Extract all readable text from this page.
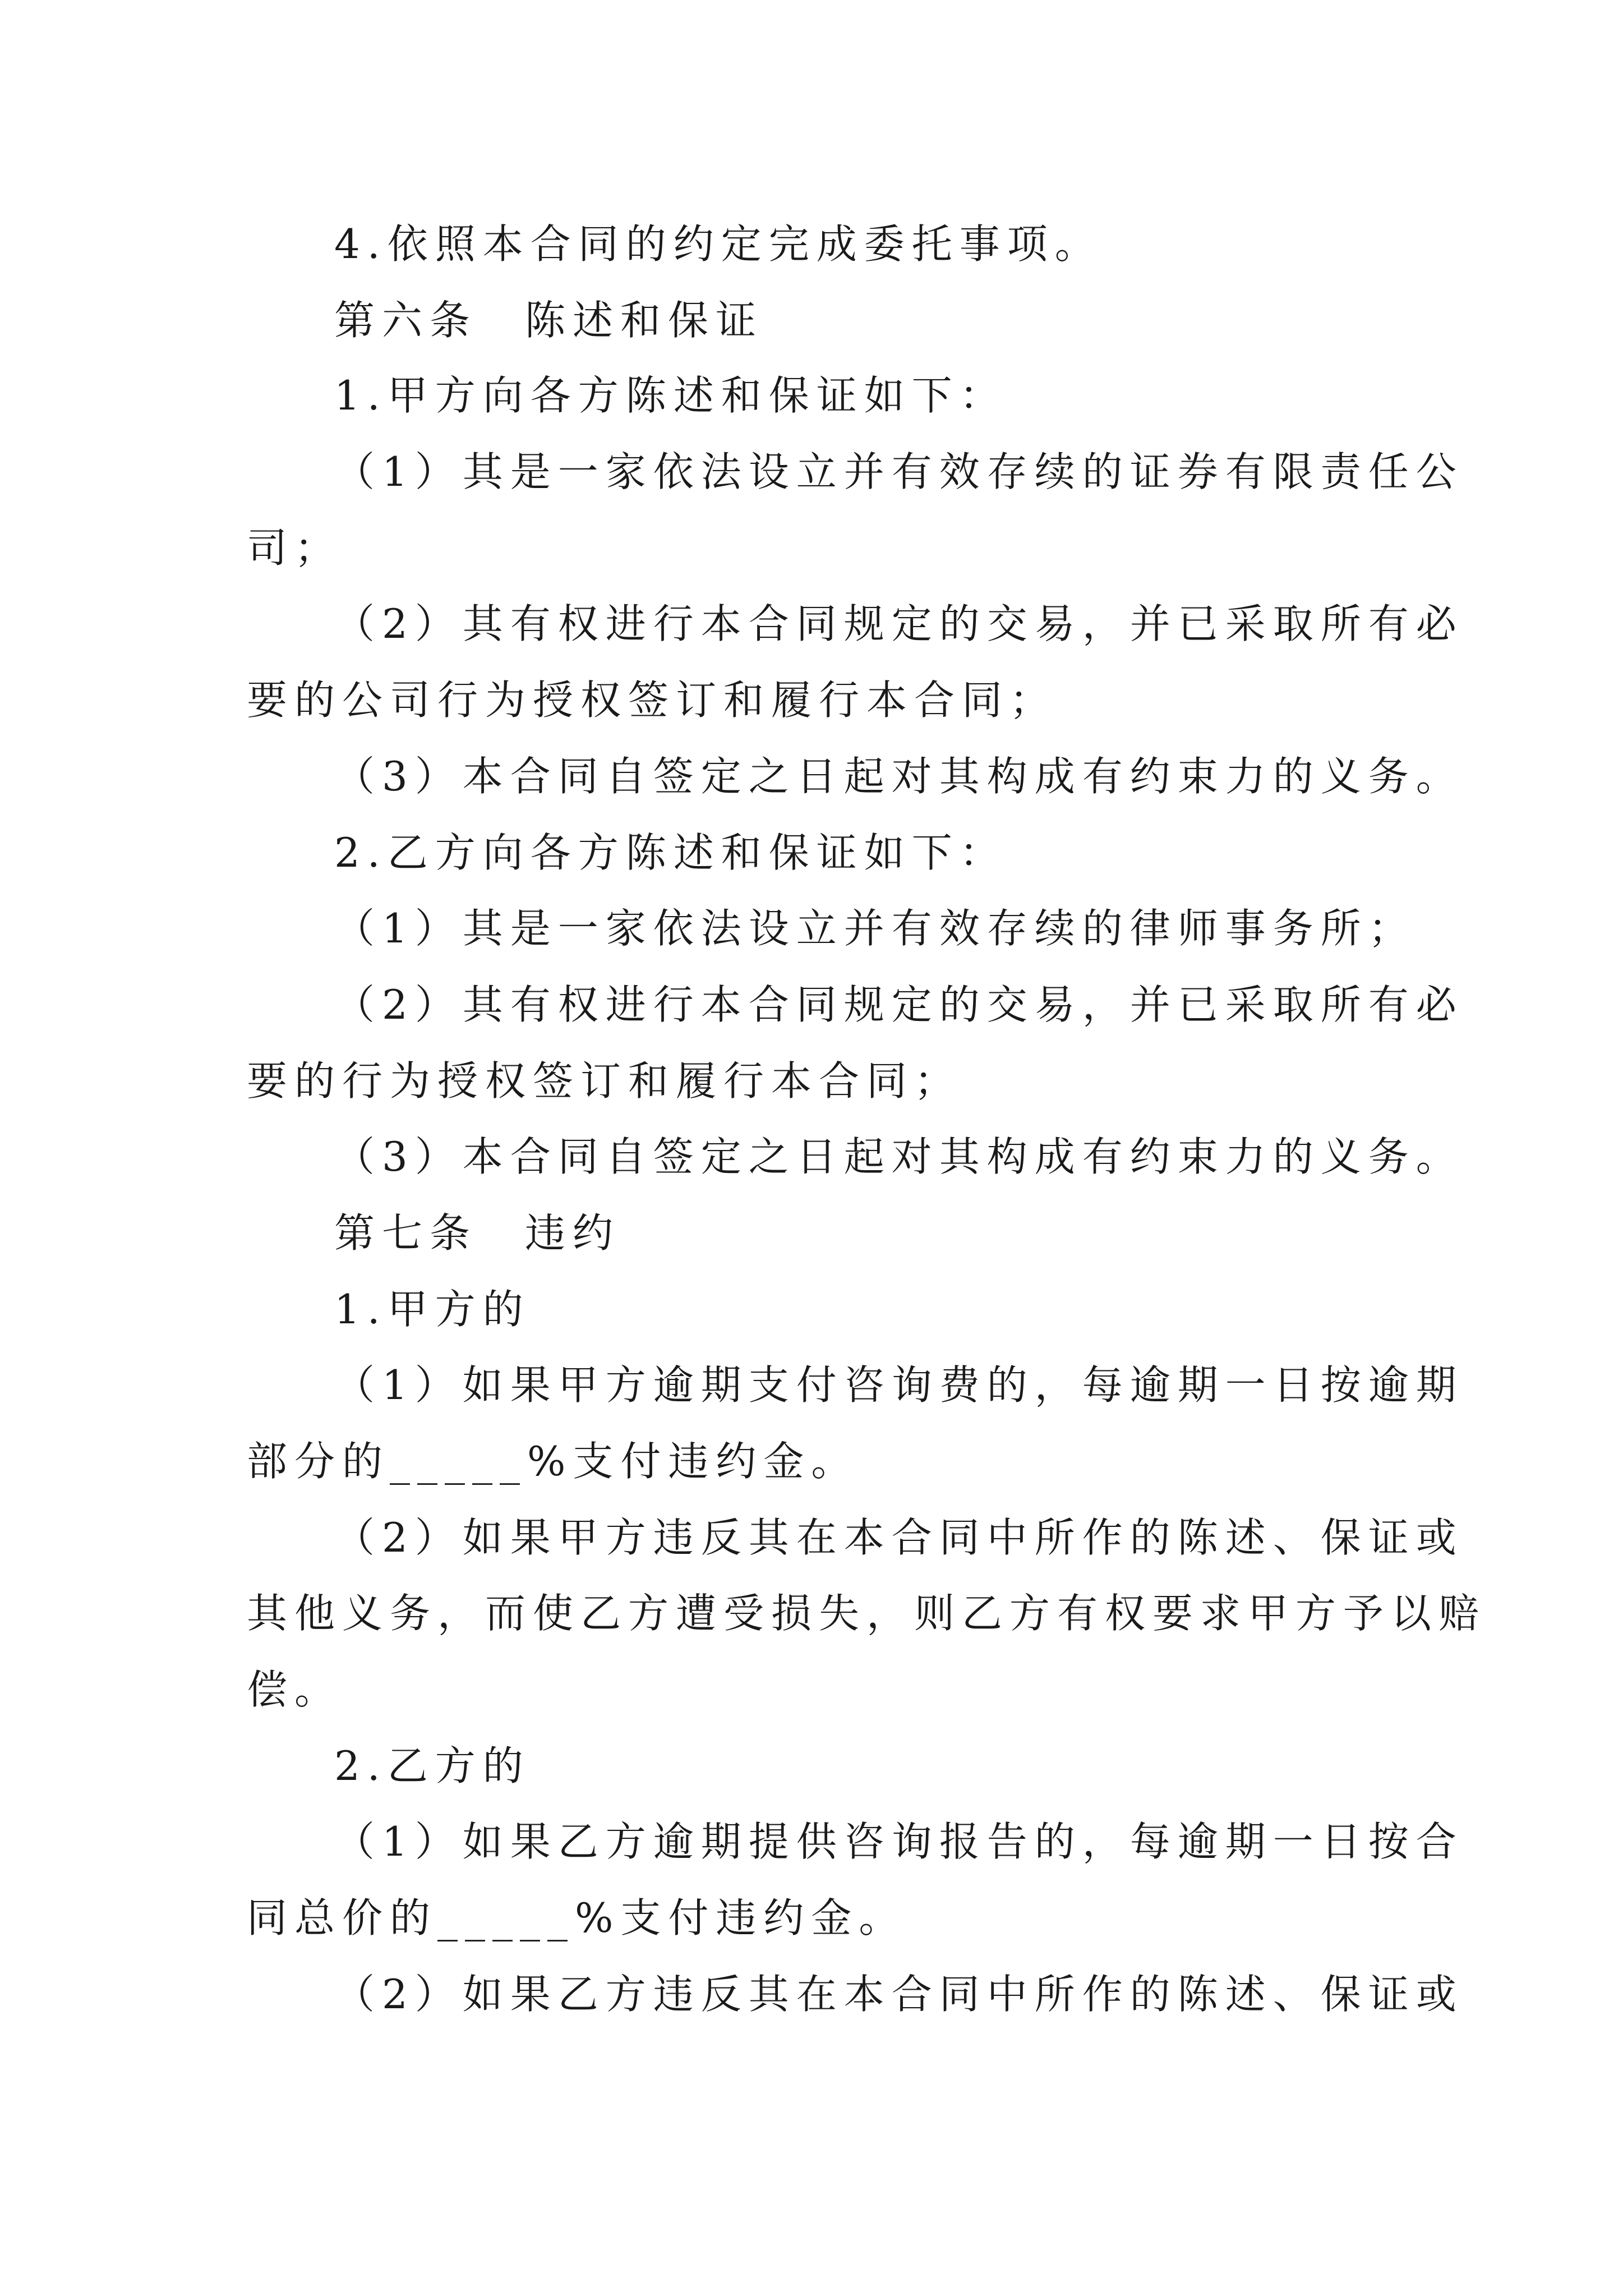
4.依照本合同的约定完成委托事项。

第六条　陈述和保证

1.甲方向各方陈述和保证如下：

（1）其是一家依法设立并有效存续的证券有限责任公

司；

（2）其有权进行本合同规定的交易，并已采取所有必

要的公司行为授权签订和履行本合同；

（3）本合同自签定之日起对其构成有约束力的义务。

2.乙方向各方陈述和保证如下：

（1）其是一家依法设立并有效存续的律师事务所；

（2）其有权进行本合同规定的交易，并已采取所有必

要的行为授权签订和履行本合同；

（3）本合同自签定之日起对其构成有约束力的义务。

第七条　违约

1.甲方的

（1）如果甲方逾期支付咨询费的，每逾期一日按逾期

部分的_____%支付违约金。

（2）如果甲方违反其在本合同中所作的陈述、保证或

其他义务，而使乙方遭受损失，则乙方有权要求甲方予以赔

偿。

2.乙方的

（1）如果乙方逾期提供咨询报告的，每逾期一日按合

同总价的_____%支付违约金。

（2）如果乙方违反其在本合同中所作的陈述、保证或
